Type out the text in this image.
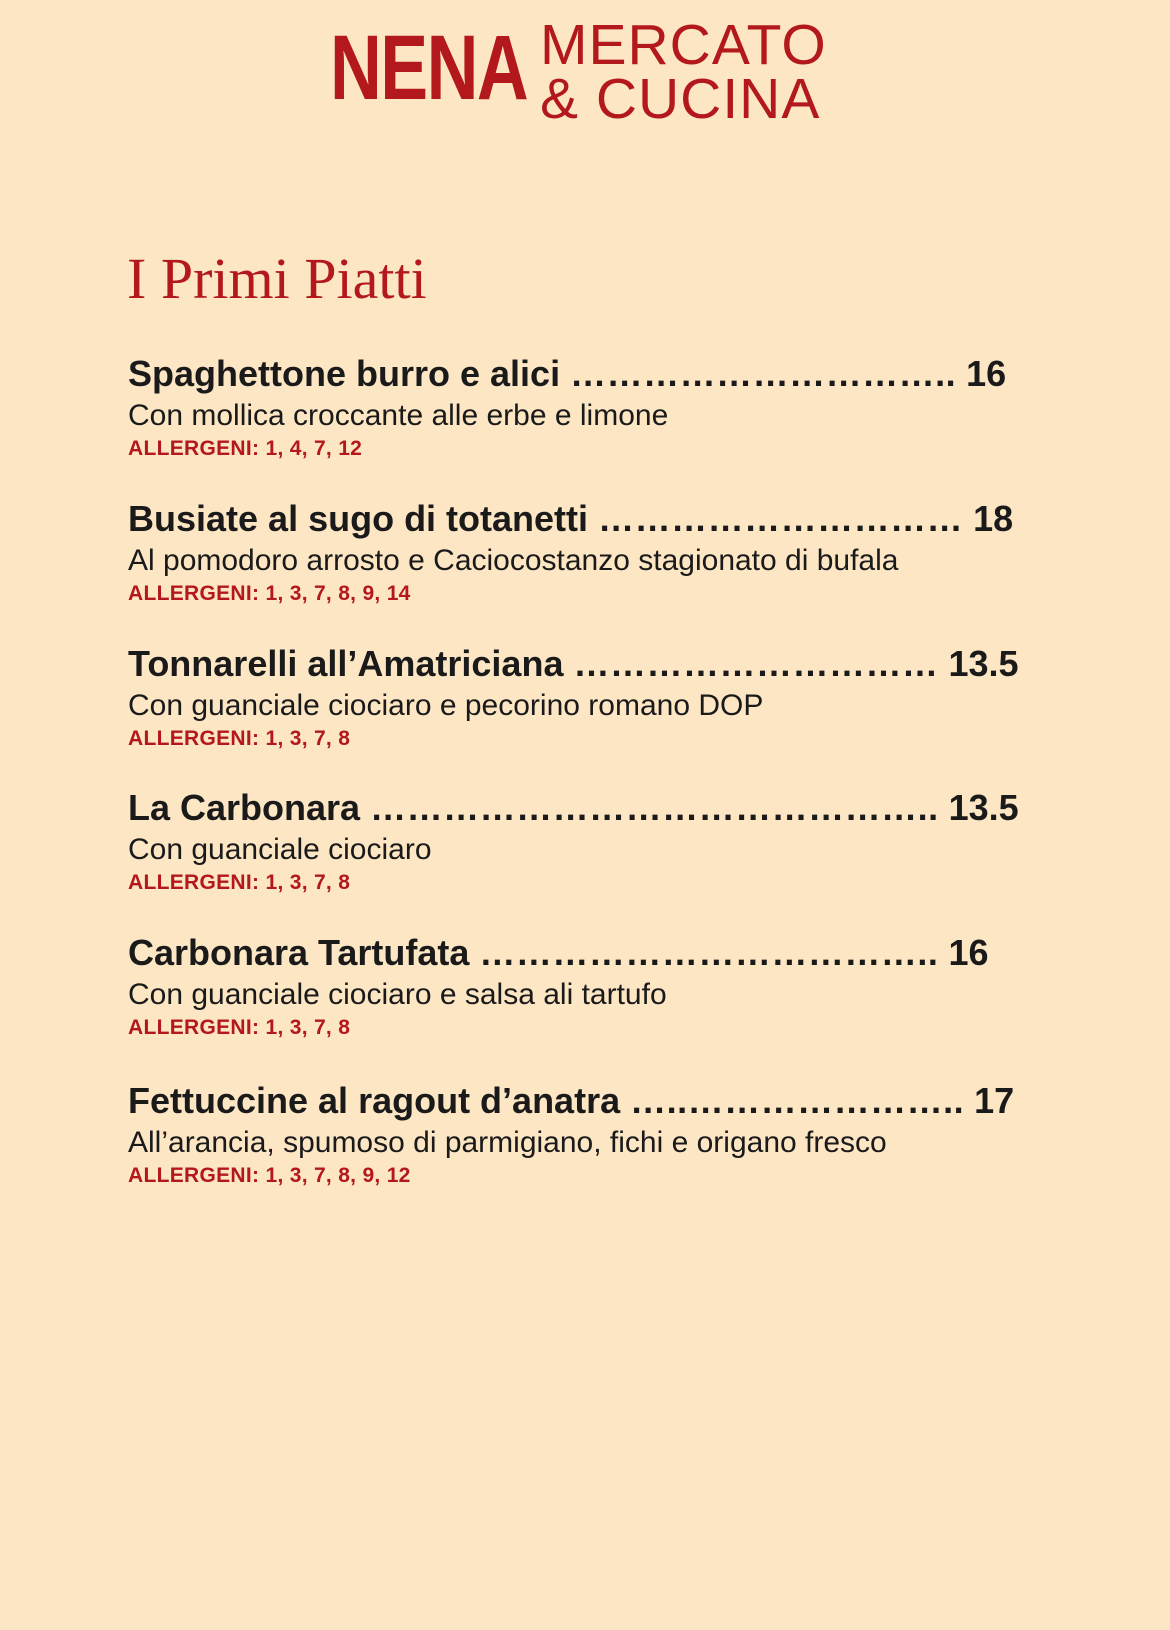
NENA MERCATO
& CUCINA
I Primi Piatti
Spaghettone burro e alici ………………………….. 16
Con mollica croccante alle erbe e limone
ALLERGENI: 1, 4, 7, 12
Busiate al sugo di totanetti ………………………… 18
Al pomodoro arrosto e Caciocostanzo stagionato di bufala
ALLERGENI: 1, 3, 7, 8, 9, 14
Tonnarelli all’Amatriciana ………………………… 13.5
Con guanciale ciociaro e pecorino romano DOP
ALLERGENI: 1, 3, 7, 8
La Carbonara ……………………………………….. 13.5
Con guanciale ciociaro
ALLERGENI: 1, 3, 7, 8
Carbonara Tartufata ……………………………….. 16
Con guanciale ciociaro e salsa ali tartufo
ALLERGENI: 1, 3, 7, 8
Fettuccine al ragout d’anatra …..………………….. 17
All’arancia, spumoso di parmigiano, fichi e origano fresco
ALLERGENI: 1, 3, 7, 8, 9, 12
